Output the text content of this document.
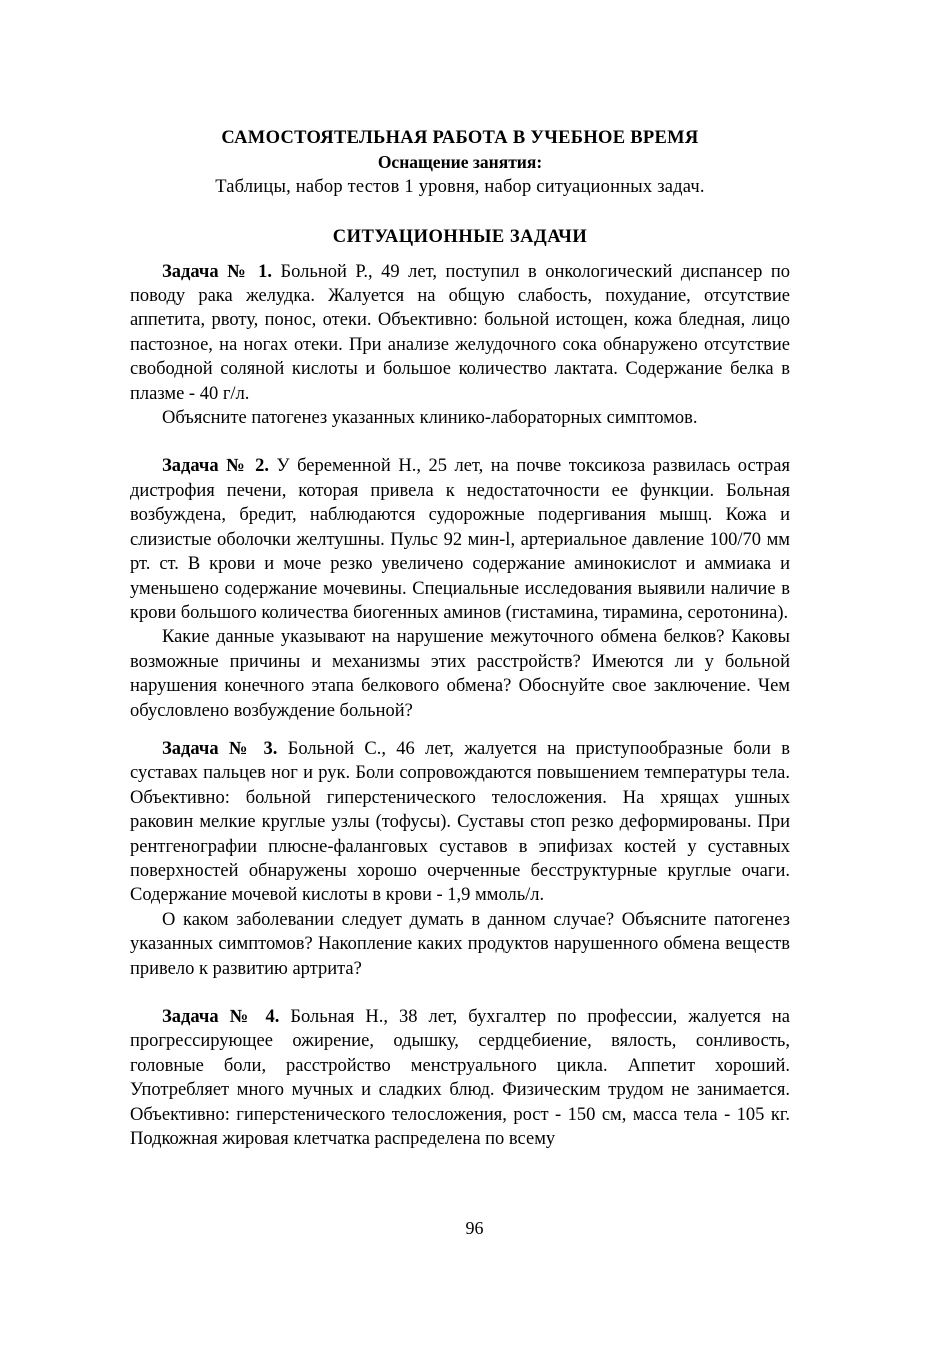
САМОСТОЯТЕЛЬНАЯ РАБОТА В УЧЕБНОЕ ВРЕМЯ
Оснащение занятия:
Таблицы, набор тестов 1 уровня, набор ситуационных задач.
СИТУАЦИОННЫЕ ЗАДАЧИ

Задача № 1. Больной Р., 49 лет, поступил в онкологический диспансер по поводу рака желудка. Жалуется на общую слабость, похудание, отсутствие аппетита, рвоту, понос, отеки. Объективно: больной истощен, кожа бледная, лицо пастозное, на ногах отеки. При анализе желудочного сока обнаружено отсутствие свободной соляной кислоты и большое количество лактата. Содержание белка в плазме - 40 г/л.

Объясните патогенез указанных клинико-лабораторных симптомов.

Задача № 2. У беременной Н., 25 лет, на почве токсикоза развилась острая дистрофия печени, которая привела к недостаточности ее функции. Больная возбуждена, бредит, наблюдаются судорожные подергивания мышц. Кожа и слизистые оболочки желтушны. Пульс 92 мин-l, артериальное давление 100/70 мм рт. ст. В крови и моче резко увеличено содержание аминокислот и аммиака и уменьшено содержание мочевины. Специальные исследования выявили наличие в крови большого количества биогенных аминов (гистамина, тирамина, серотонина).

Какие данные указывают на нарушение межуточного обмена белков? Каковы возможные причины и механизмы этих расстройств? Имеются ли у больной нарушения конечного этапа белкового обмена? Обоснуйте свое заключение. Чем обусловлено возбуждение больной?

Задача № 3. Больной С., 46 лет, жалуется на приступообразные боли в суставах пальцев ног и рук. Боли сопровождаются повышением температуры тела. Объективно: больной гиперстенического телосложения. На хрящах ушных раковин мелкие круглые узлы (тофусы). Суставы стоп резко деформированы. При рентгенографии плюсне-фаланговых суставов в эпифизах костей у суставных поверхностей обнаружены хорошо очерченные бесструктурные круглые очаги. Содержание мочевой кислоты в крови - 1,9 ммоль/л.

О каком заболевании следует думать в данном случае? Объясните патогенез указанных симптомов? Накопление каких продуктов нарушенного обмена веществ привело к развитию артрита?

Задача № 4. Больная Н., 38 лет, бухгалтер по профессии, жалуется на прогрессирующее ожирение, одышку, сердцебиение, вялость, сонливость, головные боли, расстройство менструального цикла. Аппетит хороший. Употребляет много мучных и сладких блюд. Физическим трудом не занимается. Объективно: гиперстенического телосложения, рост - 150 см, масса тела - 105 кг. Подкожная жировая клетчатка распределена по всему

96
